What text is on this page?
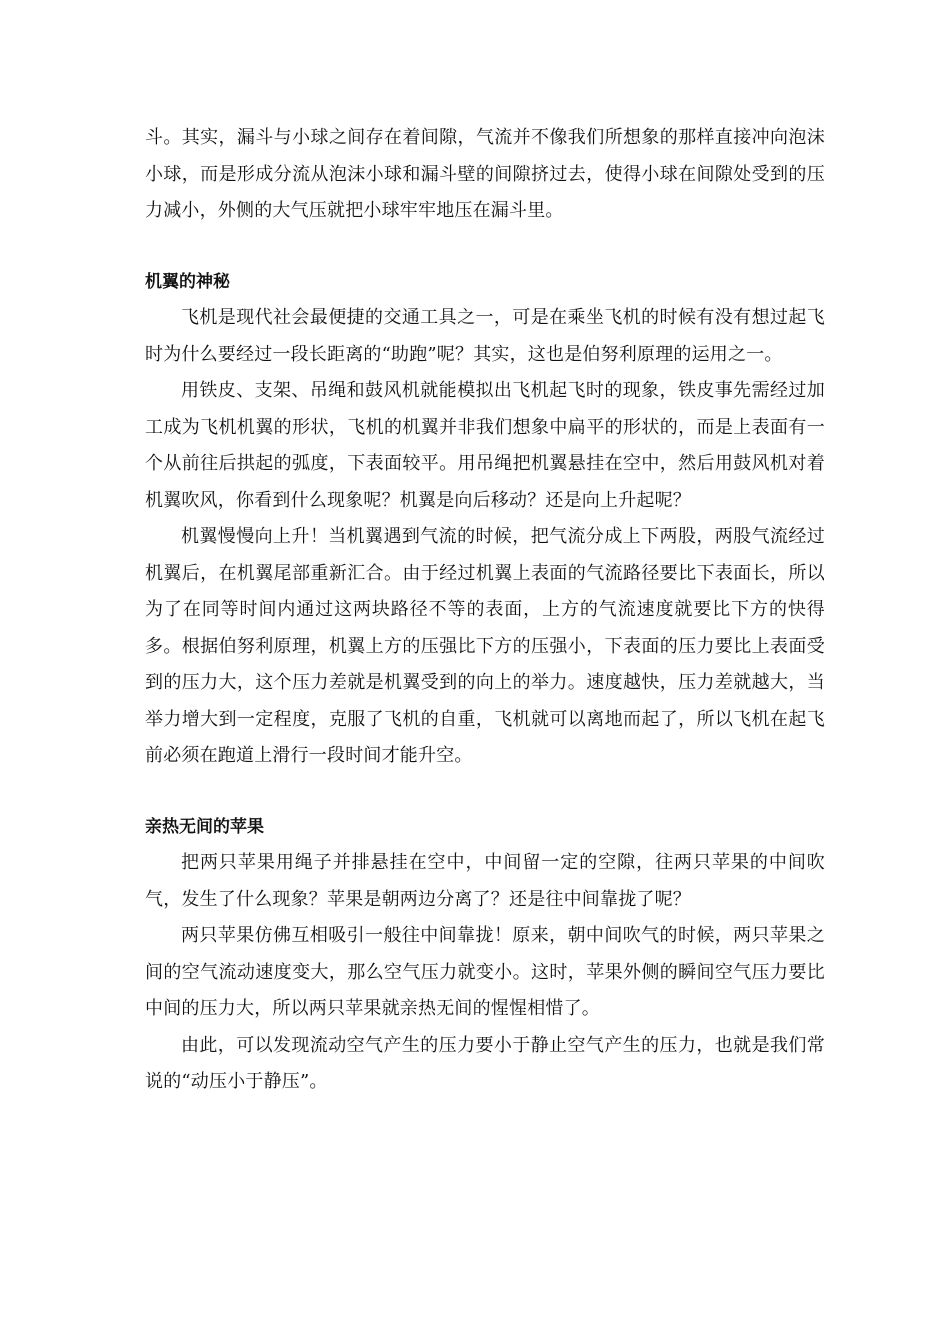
斗。其实，漏斗与小球之间存在着间隙，气流并不像我们所想象的那样直接冲向泡沫小球，而是形成分流从泡沫小球和漏斗壁的间隙挤过去，使得小球在间隙处受到的压力减小，外侧的大气压就把小球牢牢地压在漏斗里。

机翼的神秘

飞机是现代社会最便捷的交通工具之一，可是在乘坐飞机的时候有没有想过起飞时为什么要经过一段长距离的“助跑”呢？其实，这也是伯努利原理的运用之一。

用铁皮、支架、吊绳和鼓风机就能模拟出飞机起飞时的现象，铁皮事先需经过加工成为飞机机翼的形状，飞机的机翼并非我们想象中扁平的形状的，而是上表面有一个从前往后拱起的弧度，下表面较平。用吊绳把机翼悬挂在空中，然后用鼓风机对着机翼吹风，你看到什么现象呢？机翼是向后移动？还是向上升起呢？

机翼慢慢向上升！当机翼遇到气流的时候，把气流分成上下两股，两股气流经过机翼后，在机翼尾部重新汇合。由于经过机翼上表面的气流路径要比下表面长，所以为了在同等时间内通过这两块路径不等的表面，上方的气流速度就要比下方的快得多。根据伯努利原理，机翼上方的压强比下方的压强小，下表面的压力要比上表面受到的压力大，这个压力差就是机翼受到的向上的举力。速度越快，压力差就越大，当举力增大到一定程度，克服了飞机的自重，飞机就可以离地而起了，所以飞机在起飞前必须在跑道上滑行一段时间才能升空。

亲热无间的苹果

把两只苹果用绳子并排悬挂在空中，中间留一定的空隙，往两只苹果的中间吹气，发生了什么现象？苹果是朝两边分离了？还是往中间靠拢了呢？

两只苹果仿佛互相吸引一般往中间靠拢！原来，朝中间吹气的时候，两只苹果之间的空气流动速度变大，那么空气压力就变小。这时，苹果外侧的瞬间空气压力要比中间的压力大，所以两只苹果就亲热无间的惺惺相惜了。

由此，可以发现流动空气产生的压力要小于静止空气产生的压力，也就是我们常说的“动压小于静压”。
